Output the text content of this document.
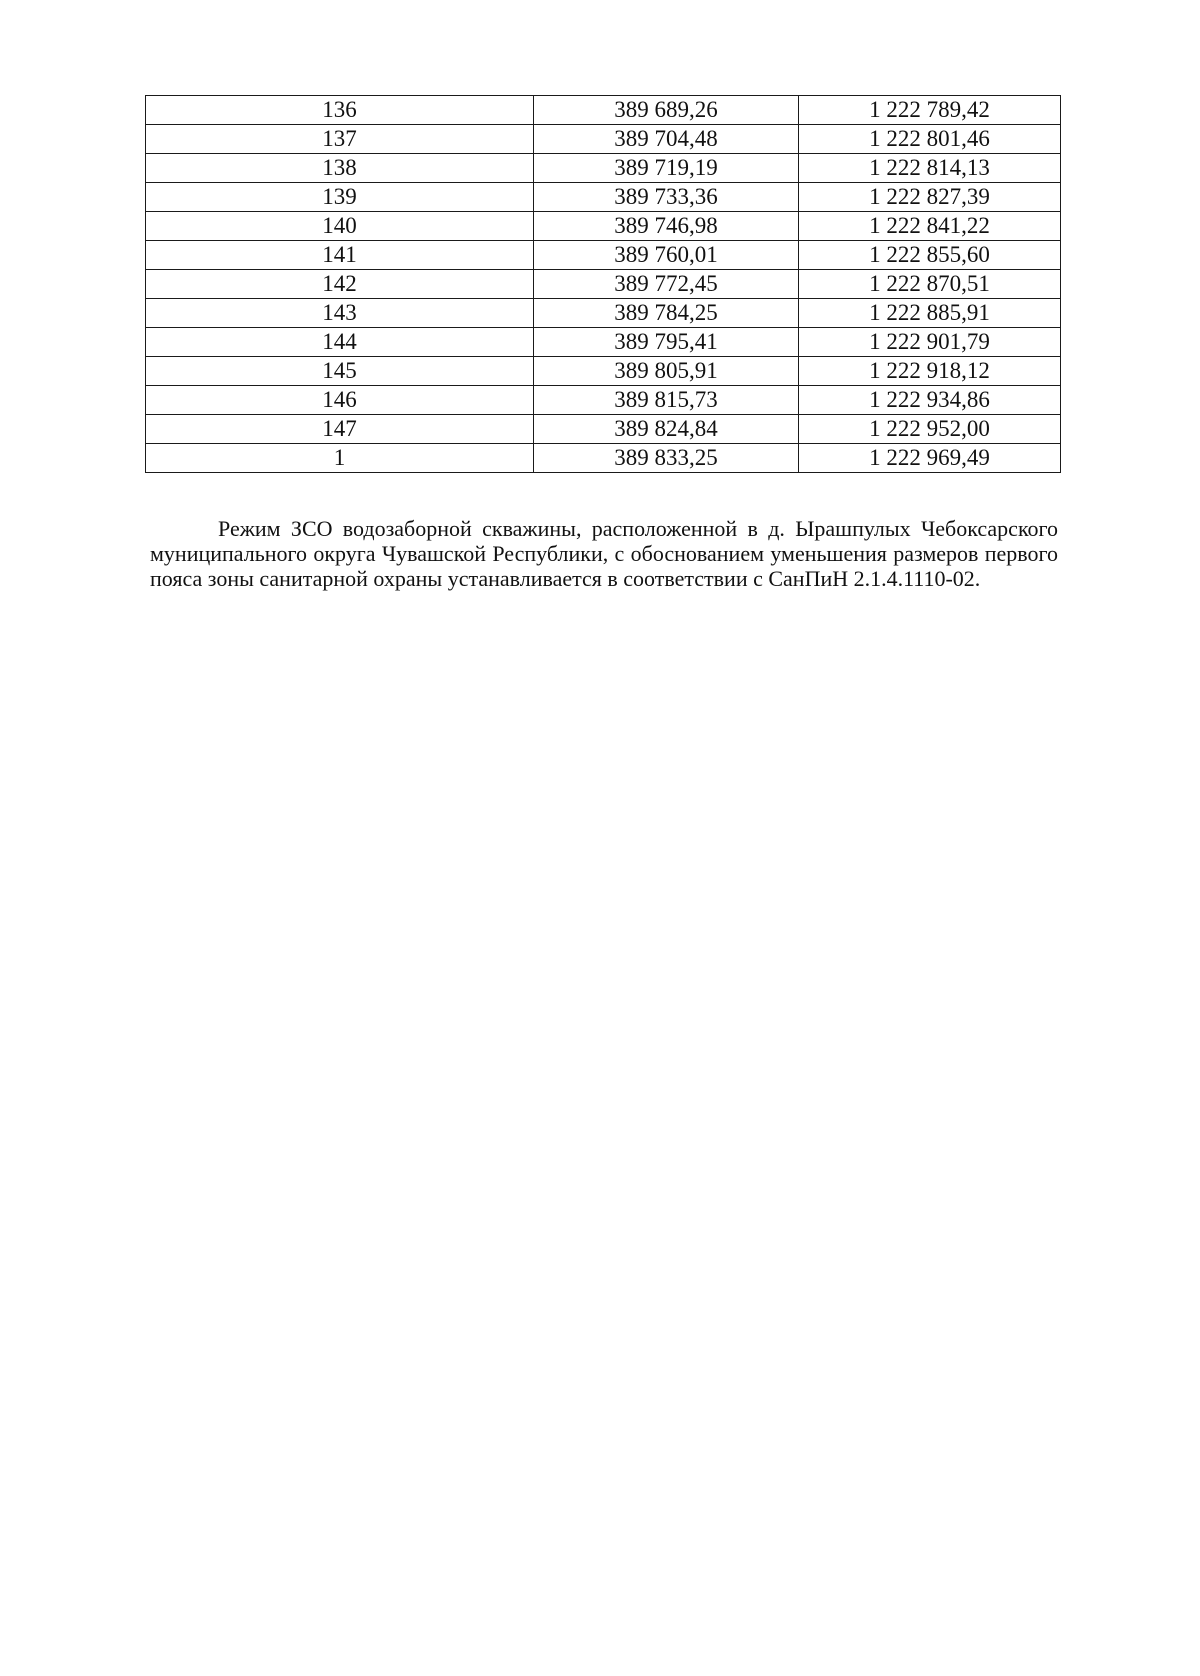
136	389 689,26	1 222 789,42
137	389 704,48	1 222 801,46
138	389 719,19	1 222 814,13
139	389 733,36	1 222 827,39
140	389 746,98	1 222 841,22
141	389 760,01	1 222 855,60
142	389 772,45	1 222 870,51
143	389 784,25	1 222 885,91
144	389 795,41	1 222 901,79
145	389 805,91	1 222 918,12
146	389 815,73	1 222 934,86
147	389 824,84	1 222 952,00
1	389 833,25	1 222 969,49

Режим ЗСО водозаборной скважины, расположенной в д. Ырашпулых Чебоксарского муниципального округа Чувашской Республики, с обоснованием уменьшения размеров первого пояса зоны санитарной охраны устанавливается в соответствии с СанПиН 2.1.4.1110-02.
